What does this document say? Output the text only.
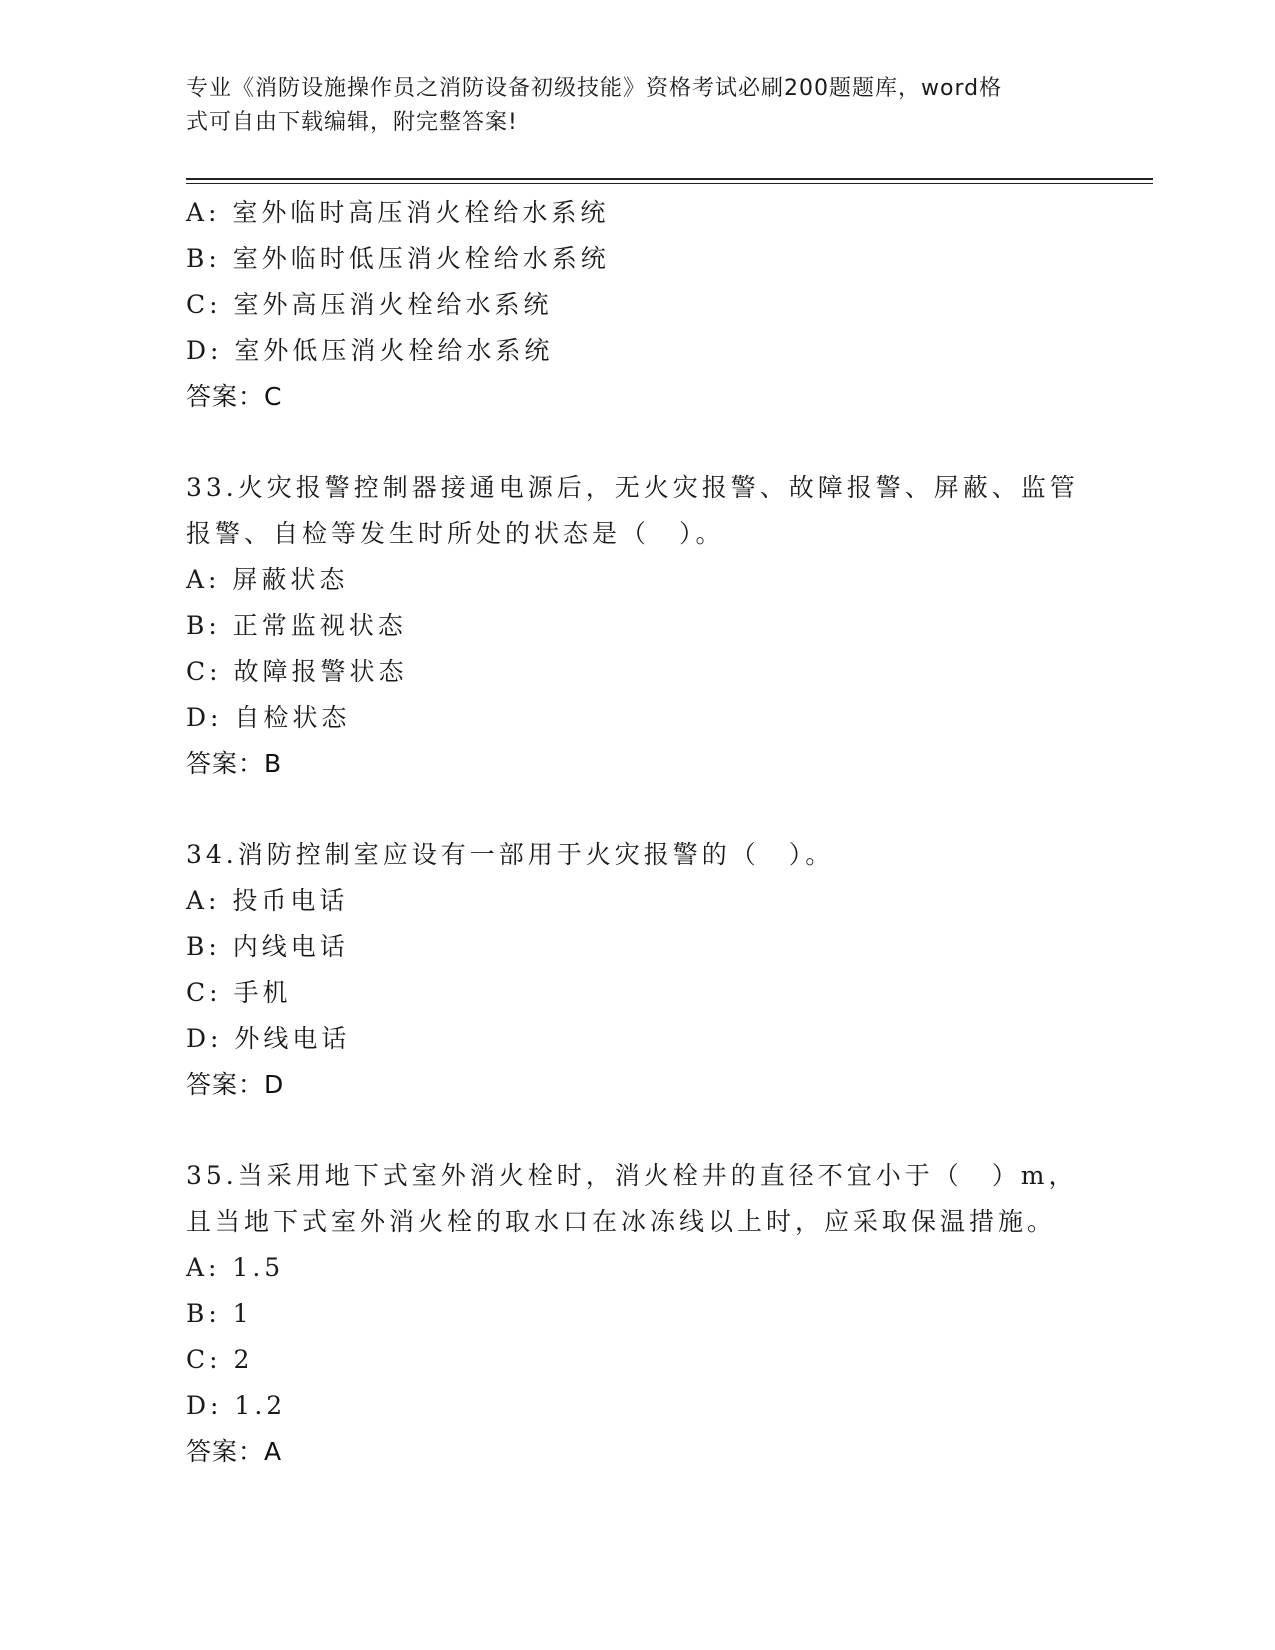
专业《消防设施操作员之消防设备初级技能》资格考试必刷200题题库，word格
式可自由下载编辑，附完整答案!
A: 室外临时高压消火栓给水系统
B: 室外临时低压消火栓给水系统
C: 室外高压消火栓给水系统
D: 室外低压消火栓给水系统
答案：C
33.火灾报警控制器接通电源后，无火灾报警、故障报警、屏蔽、监管
报警、自检等发生时所处的状态是（　）。
A: 屏蔽状态
B: 正常监视状态
C: 故障报警状态
D: 自检状态
答案：B
34.消防控制室应设有一部用于火灾报警的（　）。
A: 投币电话
B: 内线电话
C: 手机
D: 外线电话
答案：D
35.当采用地下式室外消火栓时，消火栓井的直径不宜小于（　）m，
且当地下式室外消火栓的取水口在冰冻线以上时，应采取保温措施。
A: 1.5
B: 1
C: 2
D: 1.2
答案：A
